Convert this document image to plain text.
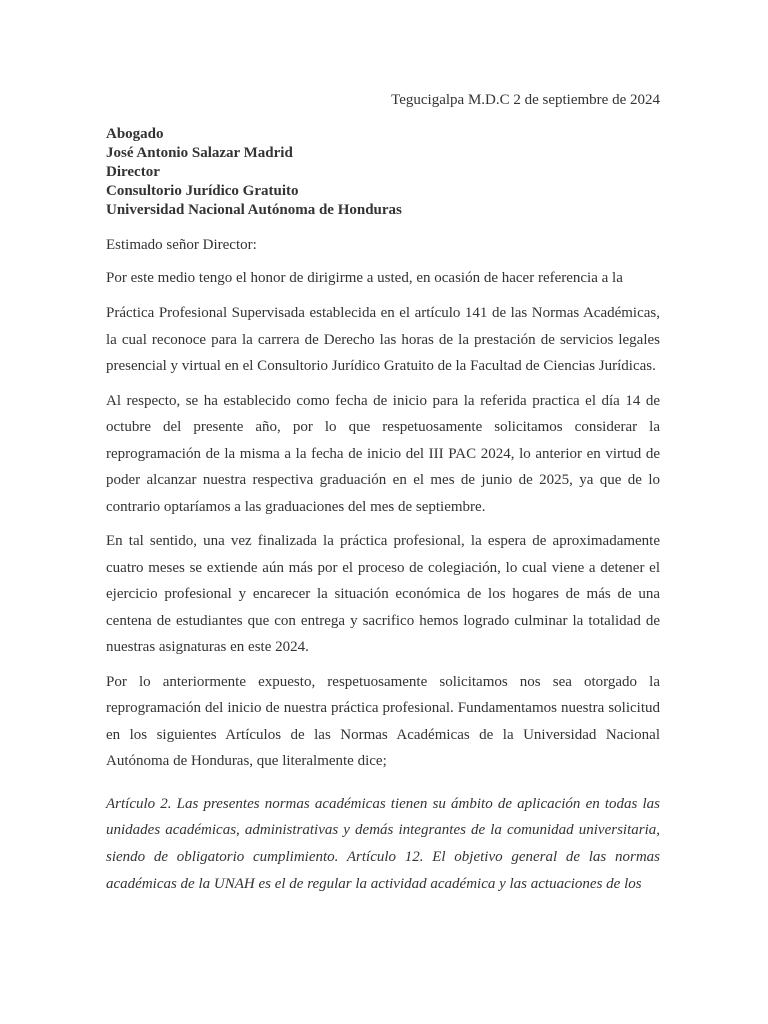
Tegucigalpa M.D.C 2 de septiembre de 2024
Abogado
José Antonio Salazar Madrid
Director
Consultorio Jurídico Gratuito
Universidad Nacional Autónoma de Honduras
Estimado señor Director:
Por este medio tengo el honor de dirigirme a usted, en ocasión de hacer referencia a la

Práctica Profesional Supervisada establecida en el artículo 141 de las Normas Académicas, la cual reconoce para la carrera de Derecho las horas de la prestación de servicios legales presencial y virtual en el Consultorio Jurídico Gratuito de la Facultad de Ciencias Jurídicas.

Al respecto, se ha establecido como fecha de inicio para la referida practica el día 14 de octubre del presente año, por lo que respetuosamente solicitamos considerar la reprogramación de la misma a la fecha de inicio del III PAC 2024, lo anterior en virtud de poder alcanzar nuestra respectiva graduación en el mes de junio de 2025, ya que de lo contrario optaríamos a las graduaciones del mes de septiembre.

En tal sentido, una vez finalizada la práctica profesional, la espera de aproximadamente cuatro meses se extiende aún más por el proceso de colegiación, lo cual viene a detener el ejercicio profesional y encarecer la situación económica de los hogares de más de una centena de estudiantes que con entrega y sacrifico hemos logrado culminar la totalidad de nuestras asignaturas en este 2024.

Por lo anteriormente expuesto, respetuosamente solicitamos nos sea otorgado la reprogramación del inicio de nuestra práctica profesional. Fundamentamos nuestra solicitud en los siguientes Artículos de las Normas Académicas de la Universidad Nacional Autónoma de Honduras, que literalmente dice;

Artículo 2. Las presentes normas académicas tienen su ámbito de aplicación en todas las unidades académicas, administrativas y demás integrantes de la comunidad universitaria, siendo de obligatorio cumplimiento. Artículo 12. El objetivo general de las normas académicas de la UNAH es el de regular la actividad académica y las actuaciones de los
